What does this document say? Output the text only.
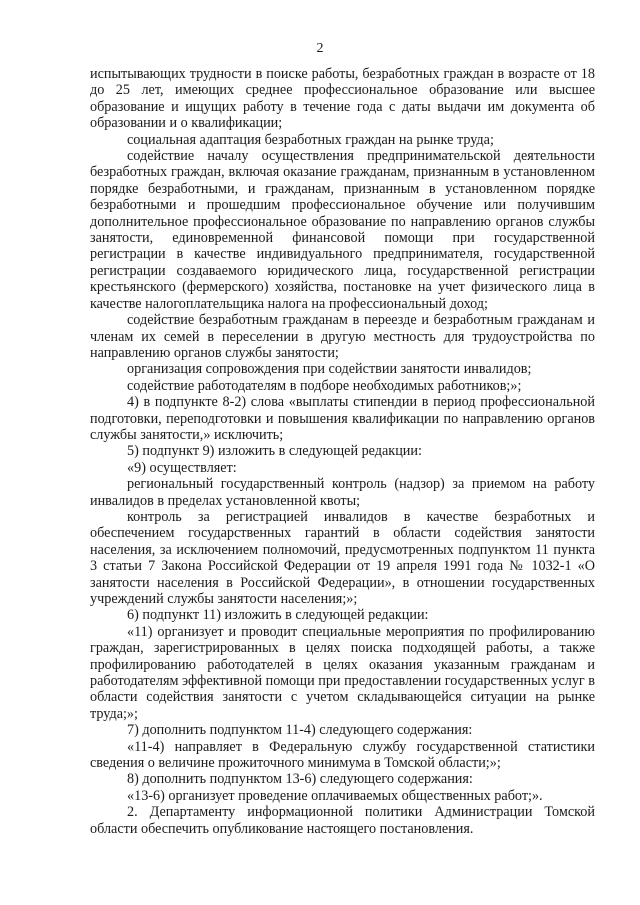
2

испытывающих трудности в поиске работы, безработных граждан в возрасте от 18 до 25 лет, имеющих среднее профессиональное образование или высшее образование и ищущих работу в течение года с даты выдачи им документа об образовании и о квалификации;

социальная адаптация безработных граждан на рынке труда;

содействие началу осуществления предпринимательской деятельности безработных граждан, включая оказание гражданам, признанным в установленном порядке безработными, и гражданам, признанным в установленном порядке безработными и прошедшим профессиональное обучение или получившим дополнительное профессиональное образование по направлению органов службы занятости, единовременной финансовой помощи при государственной регистрации в качестве индивидуального предпринимателя, государственной регистрации создаваемого юридического лица, государственной регистрации крестьянского (фермерского) хозяйства, постановке на учет физического лица в качестве налогоплательщика налога на профессиональный доход;

содействие безработным гражданам в переезде и безработным гражданам и членам их семей в переселении в другую местность для трудоустройства по направлению органов службы занятости;

организация сопровождения при содействии занятости инвалидов;

содействие работодателям в подборе необходимых работников;»;

4) в подпункте 8-2) слова «выплаты стипендии в период профессиональной подготовки, переподготовки и повышения квалификации по направлению органов службы занятости,» исключить;

5) подпункт 9) изложить в следующей редакции:

«9) осуществляет:

региональный государственный контроль (надзор) за приемом на работу инвалидов в пределах установленной квоты;

контроль за регистрацией инвалидов в качестве безработных и обеспечением государственных гарантий в области содействия занятости населения, за исключением полномочий, предусмотренных подпунктом 11 пункта 3 статьи 7 Закона Российской Федерации от 19 апреля 1991 года № 1032-1 «О занятости населения в Российской Федерации», в отношении государственных учреждений службы занятости населения;»;

6) подпункт 11) изложить в следующей редакции:

«11) организует и проводит специальные мероприятия по профилированию граждан, зарегистрированных в целях поиска подходящей работы, а также профилированию работодателей в целях оказания указанным гражданам и работодателям эффективной помощи при предоставлении государственных услуг в области содействия занятости с учетом складывающейся ситуации на рынке труда;»;

7) дополнить подпунктом 11-4) следующего содержания:

«11-4) направляет в Федеральную службу государственной статистики сведения о величине прожиточного минимума в Томской области;»;

8) дополнить подпунктом 13-6) следующего содержания:

«13-6) организует проведение оплачиваемых общественных работ;».

2. Департаменту информационной политики Администрации Томской области обеспечить опубликование настоящего постановления.
